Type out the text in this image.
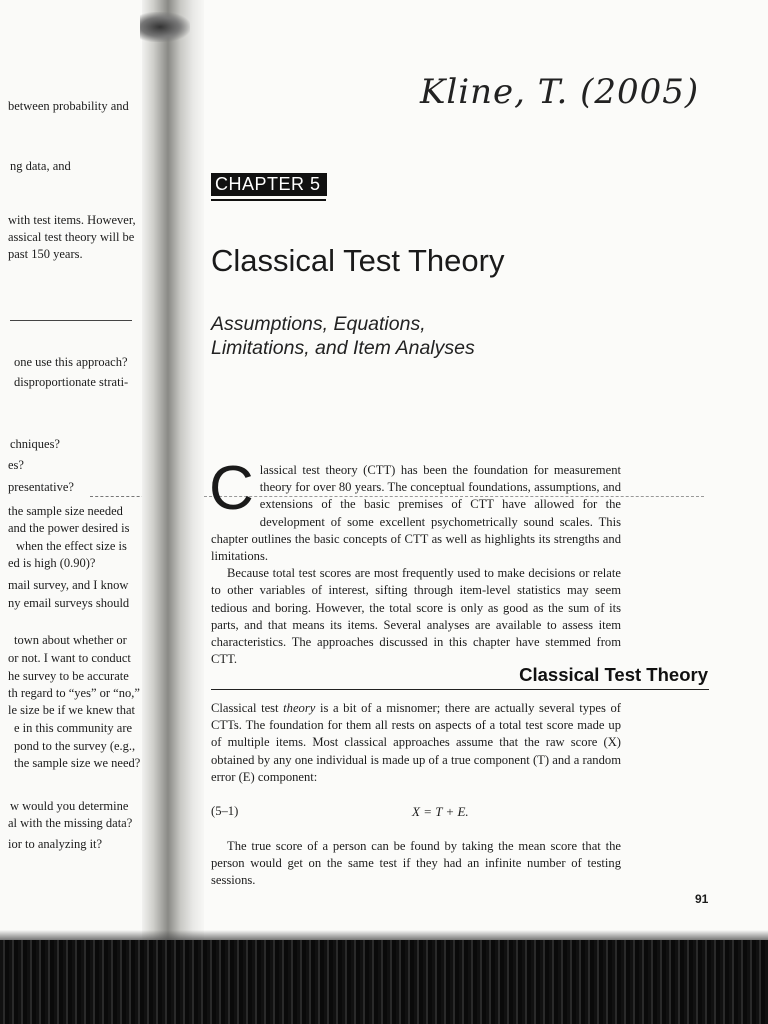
Kline, T. (2005)
CHAPTER 5
Classical Test Theory
Assumptions, Equations,
Limitations, and Item Analyses

Classical test theory (CTT) has been the foundation for measurement theory for over 80 years. The conceptual foundations, assumptions, and extensions of the basic premises of CTT have allowed for the development of some excellent psychometrically sound scales. This chapter outlines the basic concepts of CTT as well as highlights its strengths and limitations.

Because total test scores are most frequently used to make decisions or relate to other variables of interest, sifting through item-level statistics may seem tedious and boring. However, the total score is only as good as the sum of its parts, and that means its items. Several analyses are available to assess item characteristics. The approaches discussed in this chapter have stemmed from CTT.

Classical Test Theory
Classical test theory is a bit of a misnomer; there are actually several types of CTTs. The foundation for them all rests on aspects of a total test score made up of multiple items. Most classical approaches assume that the raw score (X) obtained by any one individual is made up of a true component (T) and a random error (E) component:
(5–1)	X = T + E.

The true score of a person can be found by taking the mean score that the person would get on the same test if they had an infinite number of testing sessions.

91
between probability and
ng data, and
with test items. However,
assical test theory will be
past 150 years.
one use this approach?
disproportionate strati-
chniques?
es?
presentative?
the sample size needed
and the power desired is
when the effect size is
ed is high (0.90)?
mail survey, and I know
ny email surveys should
town about whether or
or not. I want to conduct
he survey to be accurate
th regard to “yes” or “no,”
le size be if we knew that
e in this community are
pond to the survey (e.g.,
the sample size we need?
w would you determine
al with the missing data?
ior to analyzing it?
